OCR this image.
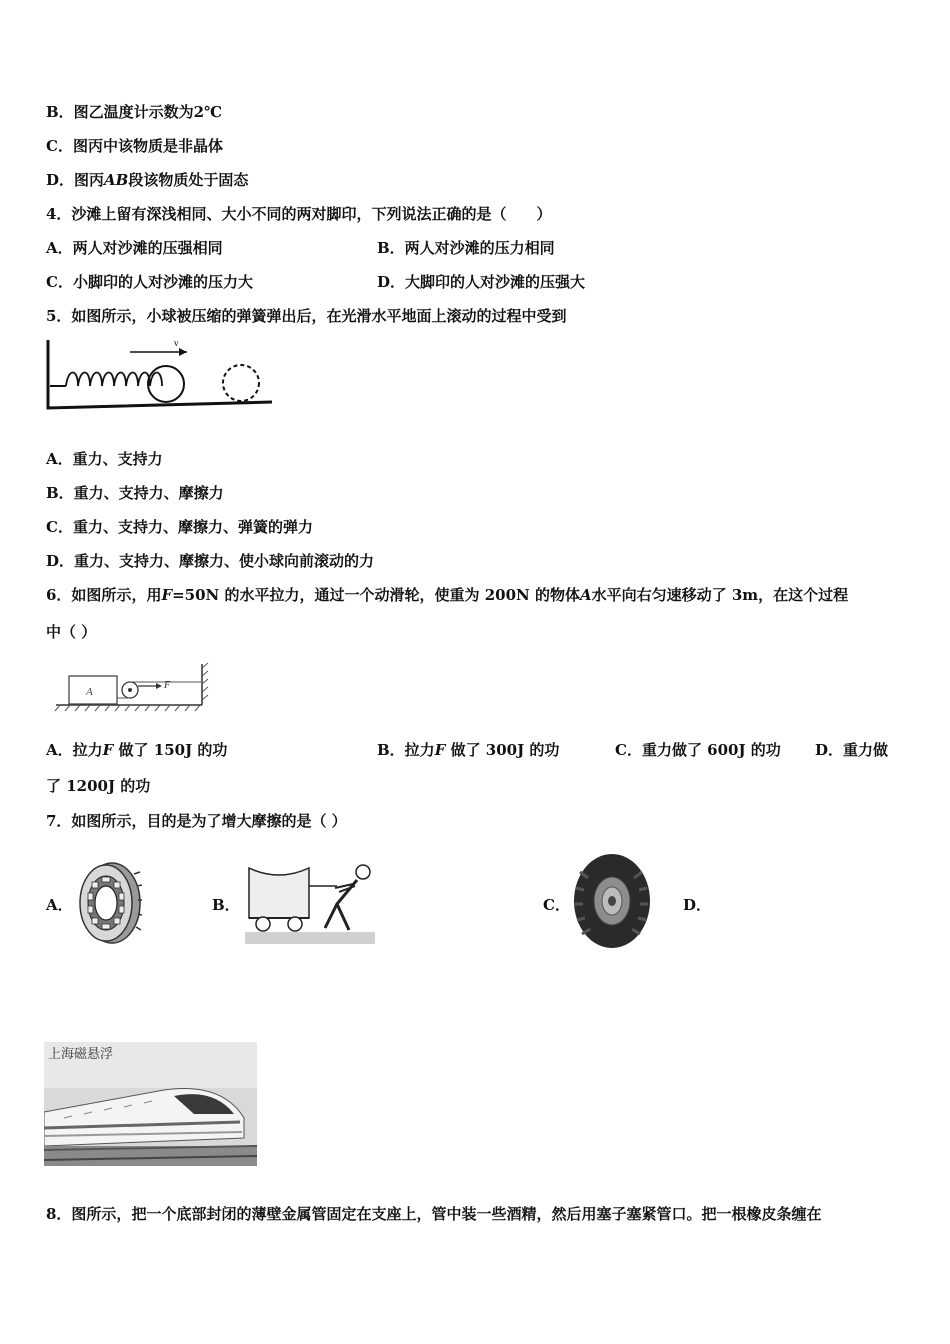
B．图乙温度计示数为2℃
C．图丙中该物质是非晶体
D．图丙AB段该物质处于固态
4．沙滩上留有深浅相同、大小不同的两对脚印，下列说法正确的是（　　）
A．两人对沙滩的压强相同	B．两人对沙滩的压力相同
C．小脚印的人对沙滩的压力大	D．大脚印的人对沙滩的压强大
5．如图所示，小球被压缩的弹簧弹出后，在光滑水平地面上滚动的过程中受到
v
A．重力、支持力
B．重力、支持力、摩擦力
C．重力、支持力、摩擦力、弹簧的弹力
D．重力、支持力、摩擦力、使小球向前滚动的力
6．如图所示，用F=50N 的水平拉力，通过一个动滑轮，使重为 200N 的物体A水平向右匀速移动了 3m，在这个过程
中（ ）
A
F
A．拉力F 做了 150J 的功	B．拉力F 做了 300J 的功	C．重力做了 600J 的功 D．重力做
了 1200J 的功
7．如图所示，目的是为了增大摩擦的是（ ）
A．	B．	C．	D．
上海磁悬浮
8．图所示，把一个底部封闭的薄壁金属管固定在支座上，管中装一些酒精，然后用塞子塞紧管口。把一根橡皮条缠在
